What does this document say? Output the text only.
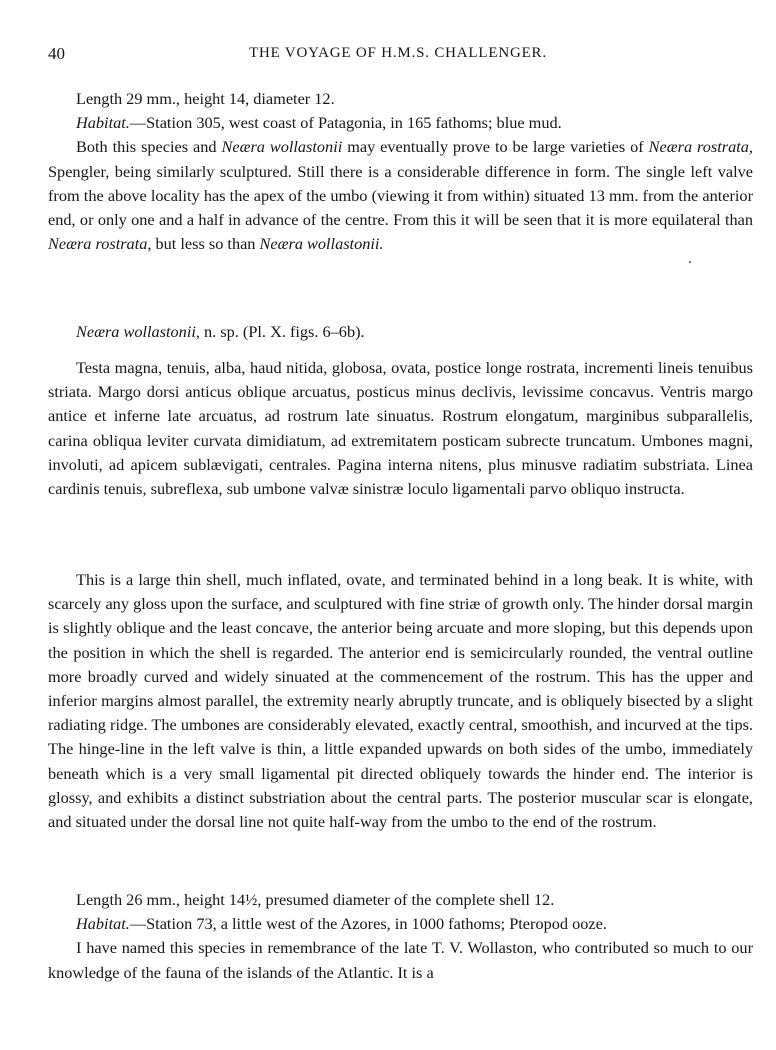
40	THE VOYAGE OF H.M.S. CHALLENGER.

Length 29 mm., height 14, diameter 12.

Habitat.—Station 305, west coast of Patagonia, in 165 fathoms; blue mud.

Both this species and Neæra wollastonii may eventually prove to be large varieties of Neæra rostrata, Spengler, being similarly sculptured. Still there is a considerable difference in form. The single left valve from the above locality has the apex of the umbo (viewing it from within) situated 13 mm. from the anterior end, or only one and a half in advance of the centre. From this it will be seen that it is more equilateral than Neæra rostrata, but less so than Neæra wollastonii.

Neæra wollastonii, n. sp. (Pl. X. figs. 6–6b).

Testa magna, tenuis, alba, haud nitida, globosa, ovata, postice longe rostrata, incrementi lineis tenuibus striata. Margo dorsi anticus oblique arcuatus, posticus minus declivis, levissime concavus. Ventris margo antice et inferne late arcuatus, ad rostrum late sinuatus. Rostrum elongatum, marginibus subparallelis, carina obliqua leviter curvata dimidiatum, ad extremitatem posticam subrecte truncatum. Umbones magni, involuti, ad apicem sublævigati, centrales. Pagina interna nitens, plus minusve radiatim substriata. Linea cardinis tenuis, subreflexa, sub umbone valvæ sinistræ loculo ligamentali parvo obliquo instructa.

This is a large thin shell, much inflated, ovate, and terminated behind in a long beak. It is white, with scarcely any gloss upon the surface, and sculptured with fine striæ of growth only. The hinder dorsal margin is slightly oblique and the least concave, the anterior being arcuate and more sloping, but this depends upon the position in which the shell is regarded. The anterior end is semicircularly rounded, the ventral outline more broadly curved and widely sinuated at the commencement of the rostrum. This has the upper and inferior margins almost parallel, the extremity nearly abruptly truncate, and is obliquely bisected by a slight radiating ridge. The umbones are considerably elevated, exactly central, smoothish, and incurved at the tips. The hinge-line in the left valve is thin, a little expanded upwards on both sides of the umbo, immediately beneath which is a very small ligamental pit directed obliquely towards the hinder end. The interior is glossy, and exhibits a distinct substriation about the central parts. The posterior muscular scar is elongate, and situated under the dorsal line not quite half-way from the umbo to the end of the rostrum.

Length 26 mm., height 14½, presumed diameter of the complete shell 12.

Habitat.—Station 73, a little west of the Azores, in 1000 fathoms; Pteropod ooze.

I have named this species in remembrance of the late T. V. Wollaston, who contributed so much to our knowledge of the fauna of the islands of the Atlantic. It is a

.
